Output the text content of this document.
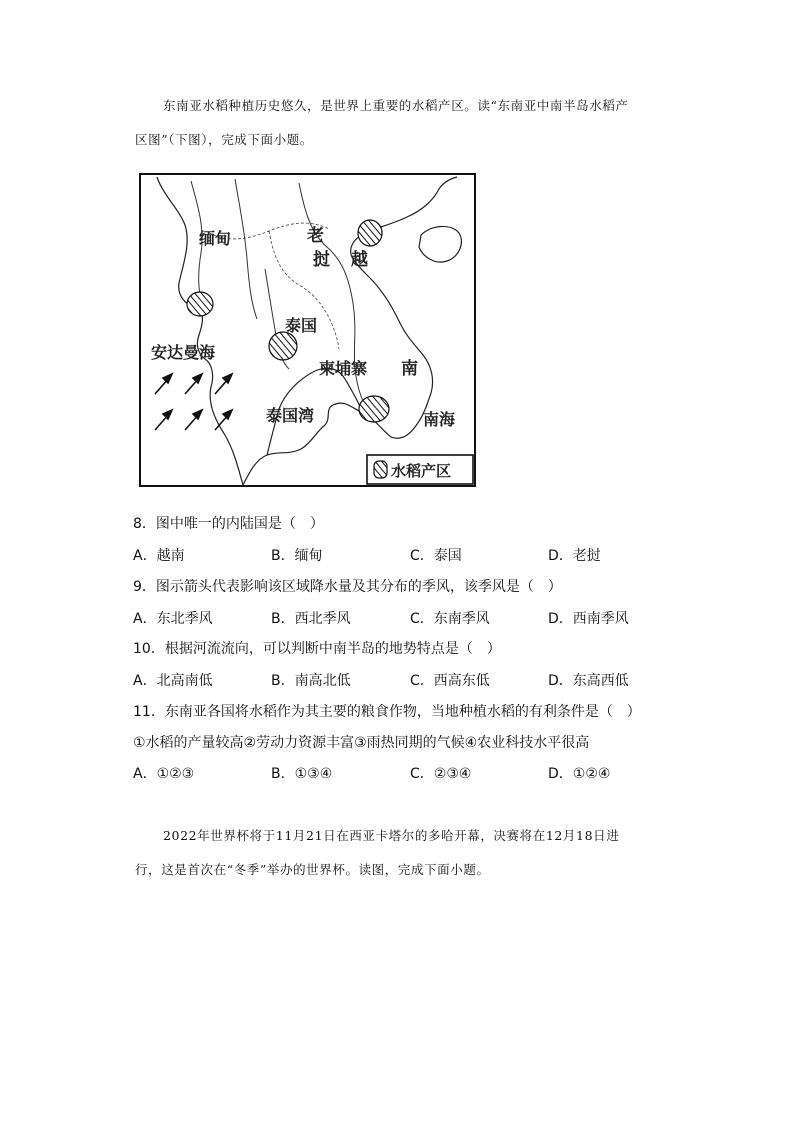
东南亚水稻种植历史悠久，是世界上重要的水稻产区。读“东南亚中南半岛水稻产
区图”（下图），完成下面小题。
缅甸	老
挝 越
泰国
安达曼海
柬埔寨 南
泰国湾	南海
水稻产区
8．图中唯一的内陆国是（　）
A．越南	B．缅甸	C．泰国	D．老挝
9．图示箭头代表影响该区域降水量及其分布的季风，该季风是（　）
A．东北季风	B．西北季风	C．东南季风	D．西南季风
10．根据河流流向，可以判断中南半岛的地势特点是（　）
A．北高南低	B．南高北低	C．西高东低	D．东高西低
11．东南亚各国将水稻作为其主要的粮食作物，当地种植水稻的有利条件是（　）
①水稻的产量较高②劳动力资源丰富③雨热同期的气候④农业科技水平很高
A．①②③	B．①③④	C．②③④	D．①②④
2022年世界杯将于11月21日在西亚卡塔尔的多哈开幕，决赛将在12月18日进
行，这是首次在“冬季”举办的世界杯。读图，完成下面小题。
